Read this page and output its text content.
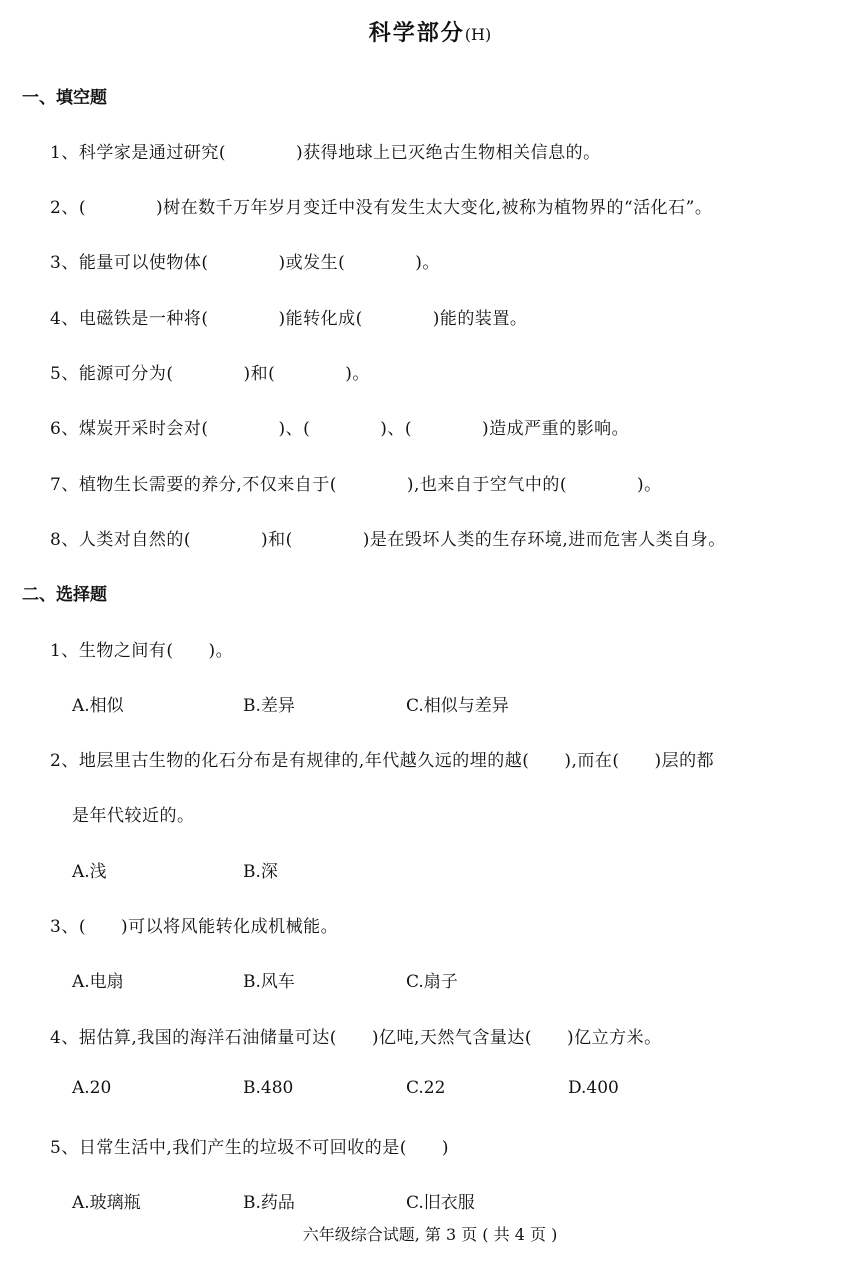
科学部分(H)
一、填空题
1、科学家是通过研究(　　　　)获得地球上已灭绝古生物相关信息的。
2、(　　　　)树在数千万年岁月变迁中没有发生太大变化,被称为植物界的“活化石”。
3、能量可以使物体(　　　　)或发生(　　　　)。
4、电磁铁是一种将(　　　　)能转化成(　　　　)能的装置。
5、能源可分为(　　　　)和(　　　　)。
6、煤炭开采时会对(　　　　)、(　　　　)、(　　　　)造成严重的影响。
7、植物生长需要的养分,不仅来自于(　　　　),也来自于空气中的(　　　　)。
8、人类对自然的(　　　　)和(　　　　)是在毁坏人类的生存环境,进而危害人类自身。
二、选择题
1、生物之间有(　　)。
A.相似	B.差异	C.相似与差异
2、地层里古生物的化石分布是有规律的,年代越久远的埋的越(　　),而在(　　)层的都
是年代较近的。
A.浅	B.深
3、(　　)可以将风能转化成机械能。
A.电扇	B.风车	C.扇子
4、据估算,我国的海洋石油储量可达(　　)亿吨,天然气含量达(　　)亿立方米。
A.20	B.480	C.22	D.400
5、日常生活中,我们产生的垃圾不可回收的是(　　)
A.玻璃瓶	B.药品	C.旧衣服
六年级综合试题, 第 3 页 ( 共 4 页 )
